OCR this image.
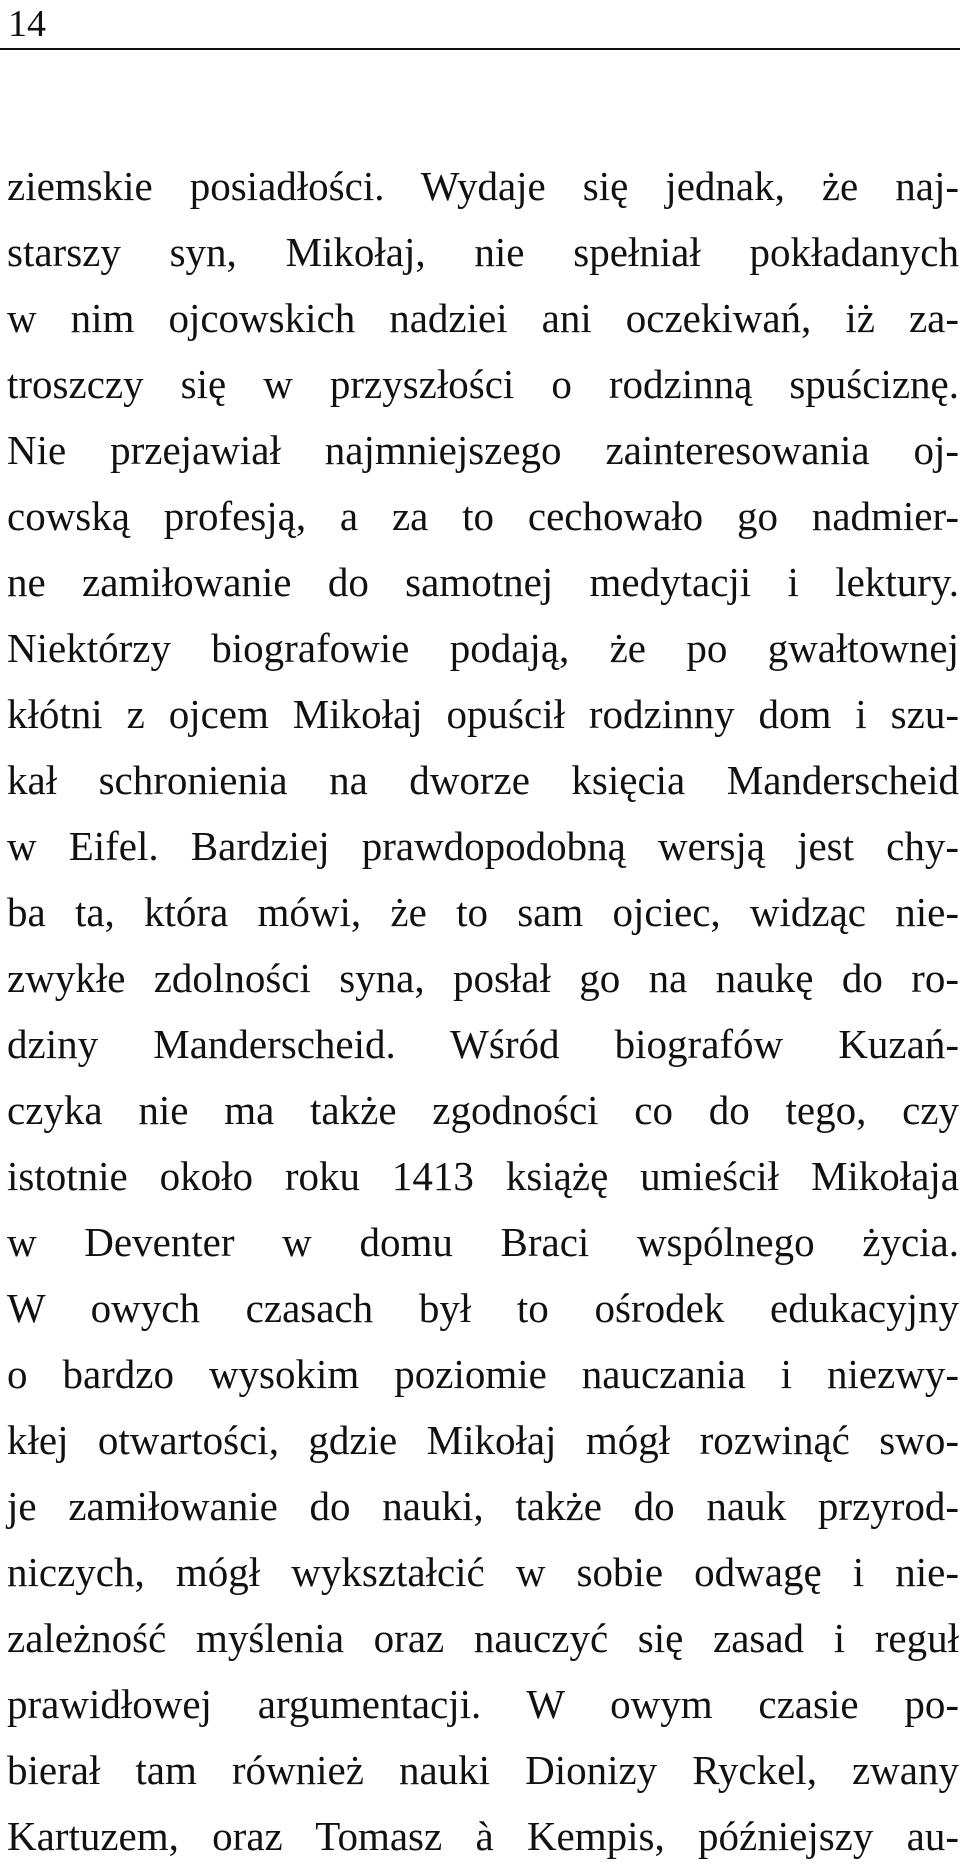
14
ziemskie posiadłości. Wydaje się jednak, że naj-
starszy syn, Mikołaj, nie spełniał pokładanych
w nim ojcowskich nadziei ani oczekiwań, iż za-
troszczy się w przyszłości o rodzinną spuściznę.
Nie przejawiał najmniejszego zainteresowania oj-
cowską profesją, a za to cechowało go nadmier-
ne zamiłowanie do samotnej medytacji i lektury.
Niektórzy biografowie podają, że po gwałtownej
kłótni z ojcem Mikołaj opuścił rodzinny dom i szu-
kał schronienia na dworze księcia Manderscheid
w Eifel. Bardziej prawdopodobną wersją jest chy-
ba ta, która mówi, że to sam ojciec, widząc nie-
zwykłe zdolności syna, posłał go na naukę do ro-
dziny Manderscheid. Wśród biografów Kuzań-
czyka nie ma także zgodności co do tego, czy
istotnie około roku 1413 książę umieścił Mikołaja
w Deventer w domu Braci wspólnego życia.
W owych czasach był to ośrodek edukacyjny
o bardzo wysokim poziomie nauczania i niezwy-
kłej otwartości, gdzie Mikołaj mógł rozwinąć swo-
je zamiłowanie do nauki, także do nauk przyrod-
niczych, mógł wykształcić w sobie odwagę i nie-
zależność myślenia oraz nauczyć się zasad i reguł
prawidłowej argumentacji. W owym czasie po-
bierał tam również nauki Dionizy Ryckel, zwany
Kartuzem, oraz Tomasz à Kempis, późniejszy au-
